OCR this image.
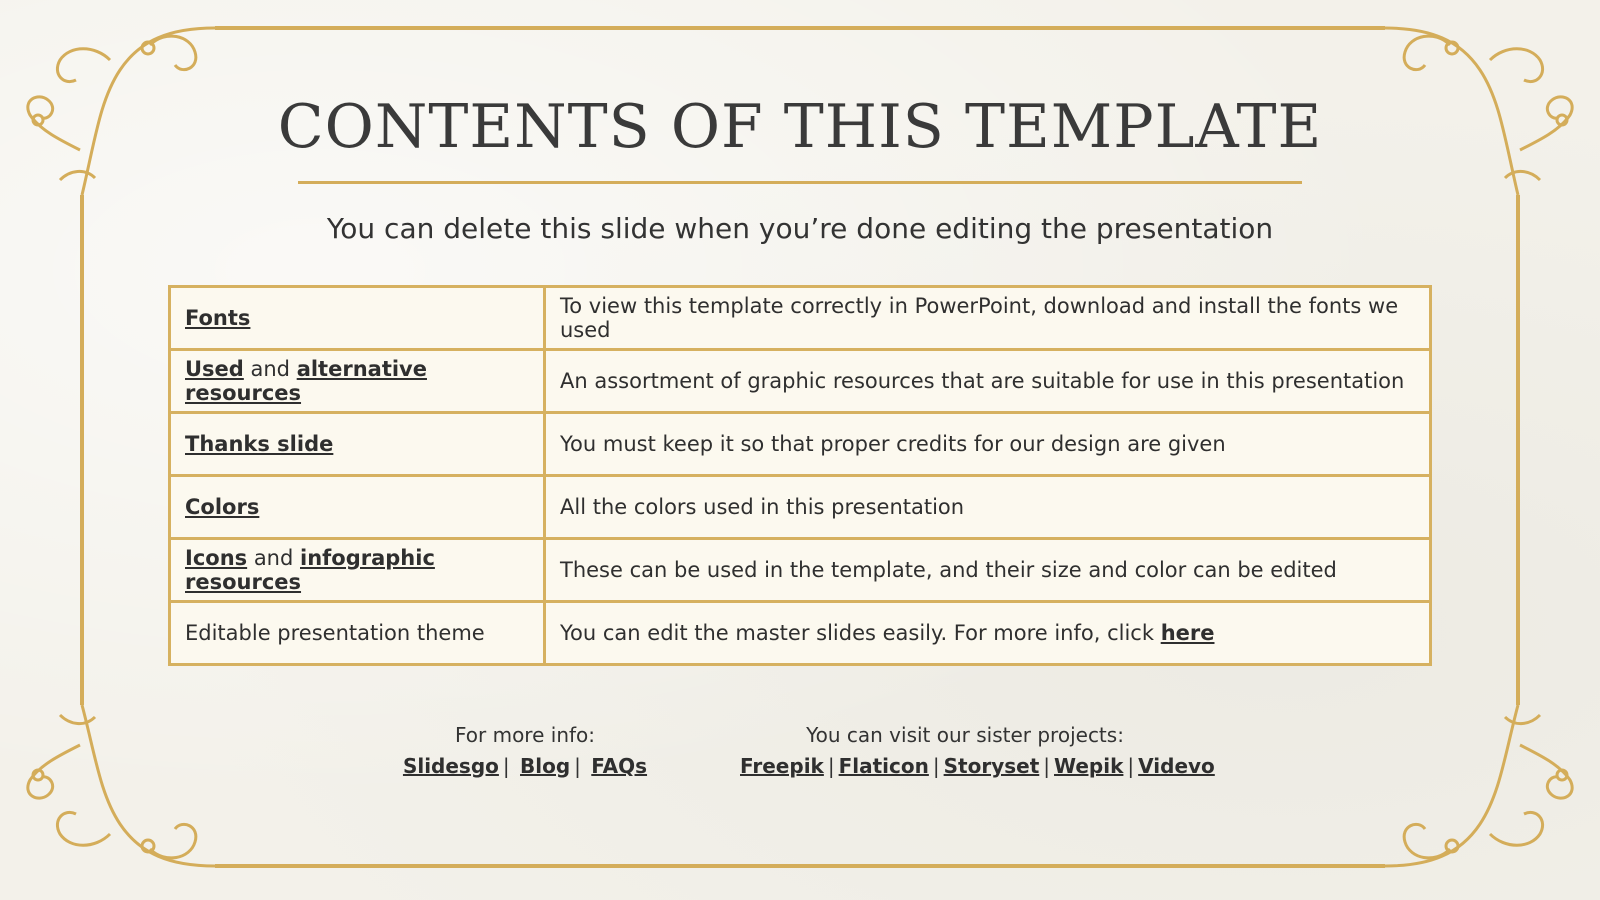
CONTENTS OF THIS TEMPLATE
You can delete this slide when you’re done editing the presentation
Fonts	To view this template correctly in PowerPoint, download and install the fonts we used
Used and alternative resources	An assortment of graphic resources that are suitable for use in this presentation
Thanks slide	You must keep it so that proper credits for our design are given
Colors	All the colors used in this presentation
Icons and infographic resources	These can be used in the template, and their size and color can be edited
Editable presentation theme	You can edit the master slides easily. For more info, click here
For more info:
Slidesgo | Blog | FAQs
You can visit our sister projects:
Freepik | Flaticon | Storyset | Wepik | Videvo
